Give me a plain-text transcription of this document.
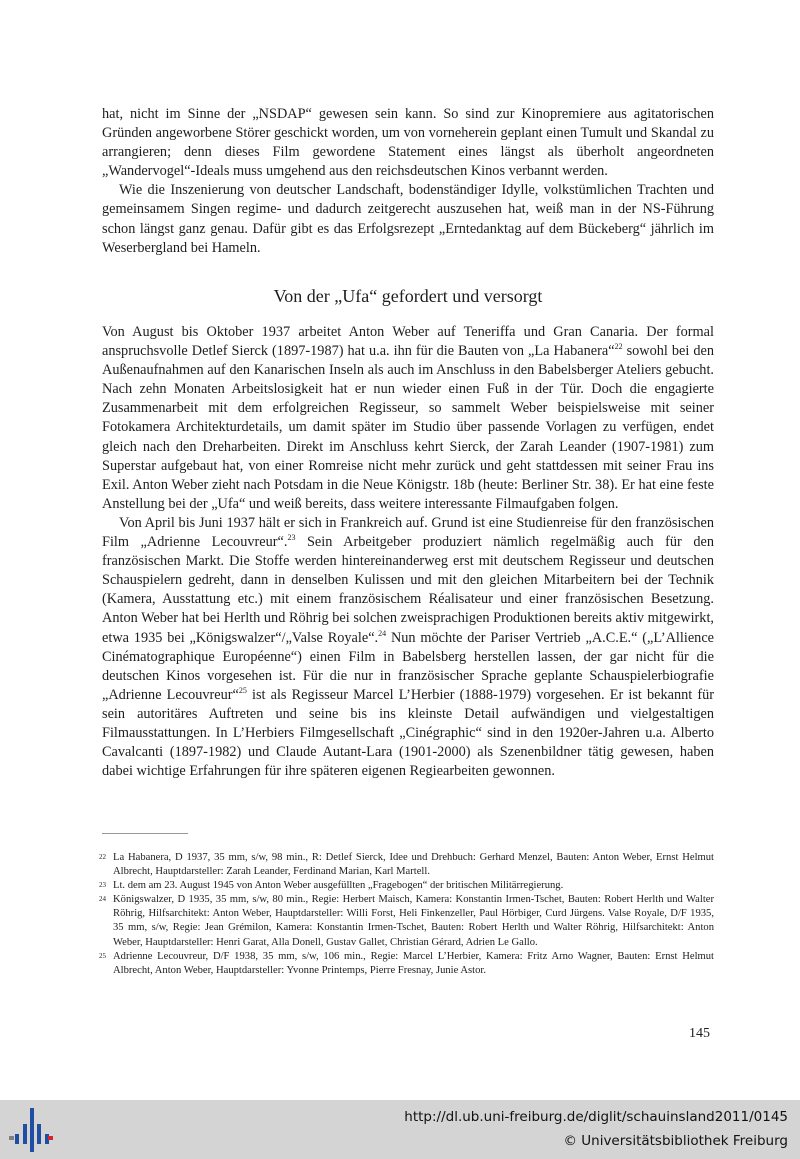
hat, nicht im Sinne der „NSDAP“ gewesen sein kann. So sind zur Kinopremiere aus agitatorischen Gründen angeworbene Störer geschickt worden, um von vorneherein geplant einen Tumult und Skandal zu arrangieren; denn dieses Film gewordene Statement eines längst als überholt angeordneten „Wandervogel“-Ideals muss umgehend aus den reichsdeutschen Kinos verbannt werden.

Wie die Inszenierung von deutscher Landschaft, bodenständiger Idylle, volkstümlichen Trachten und gemeinsamem Singen regime- und dadurch zeitgerecht auszusehen hat, weiß man in der NS-Führung schon längst ganz genau. Dafür gibt es das Erfolgsrezept „Erntedanktag auf dem Bückeberg“ jährlich im Weserbergland bei Hameln.

Von der „Ufa“ gefordert und versorgt

Von August bis Oktober 1937 arbeitet Anton Weber auf Teneriffa und Gran Canaria. Der formal anspruchsvolle Detlef Sierck (1897-1987) hat u.a. ihn für die Bauten von „La Habanera“$^{22}$ sowohl bei den Außenaufnahmen auf den Kanarischen Inseln als auch im Anschluss in den Babelsberger Ateliers gebucht. Nach zehn Monaten Arbeitslosigkeit hat er nun wieder einen Fuß in der Tür. Doch die engagierte Zusammenarbeit mit dem erfolgreichen Regisseur, so sammelt Weber beispielsweise mit seiner Fotokamera Architekturdetails, um damit später im Studio über passende Vorlagen zu verfügen, endet gleich nach den Dreharbeiten. Direkt im Anschluss kehrt Sierck, der Zarah Leander (1907-1981) zum Superstar aufgebaut hat, von einer Romreise nicht mehr zurück und geht stattdessen mit seiner Frau ins Exil. Anton Weber zieht nach Potsdam in die Neue Königstr. 18b (heute: Berliner Str. 38). Er hat eine feste Anstellung bei der „Ufa“ und weiß bereits, dass weitere interessante Filmaufgaben folgen.

Von April bis Juni 1937 hält er sich in Frankreich auf. Grund ist eine Studienreise für den französischen Film „Adrienne Lecouvreur“.$^{23}$ Sein Arbeitgeber produziert nämlich regelmäßig auch für den französischen Markt. Die Stoffe werden hintereinanderweg erst mit deutschem Regisseur und deutschen Schauspielern gedreht, dann in denselben Kulissen und mit den gleichen Mitarbeitern bei der Technik (Kamera, Ausstattung etc.) mit einem französischem Réalisateur und einer französischen Besetzung. Anton Weber hat bei Herlth und Röhrig bei solchen zweisprachigen Produktionen bereits aktiv mitgewirkt, etwa 1935 bei „Königswalzer“/„Valse Royale“.$^{24}$ Nun möchte der Pariser Vertrieb „A.C.E.“ („L’Allience Cinématographique Européenne“) einen Film in Babelsberg herstellen lassen, der gar nicht für die deutschen Kinos vorgesehen ist. Für die nur in französischer Sprache geplante Schauspielerbiografie „Adrienne Lecouvreur“$^{25}$ ist als Regisseur Marcel L’Herbier (1888-1979) vorgesehen. Er ist bekannt für sein autoritäres Auftreten und seine bis ins kleinste Detail aufwändigen und vielgestaltigen Filmausstattungen. In L’Herbiers Filmgesellschaft „Cinégraphic“ sind in den 1920er-Jahren u.a. Alberto Cavalcanti (1897-1982) und Claude Autant-Lara (1901-2000) als Szenenbildner tätig gewesen, haben dabei wichtige Erfahrungen für ihre späteren eigenen Regiearbeiten gewonnen.

22 La Habanera, D 1937, 35 mm, s/w, 98 min., R: Detlef Sierck, Idee und Drehbuch: Gerhard Menzel, Bauten: Anton Weber, Ernst Helmut Albrecht, Hauptdarsteller: Zarah Leander, Ferdinand Marian, Karl Martell.

23 Lt. dem am 23. August 1945 von Anton Weber ausgefüllten „Fragebogen“ der britischen Militärregierung.

24 Königswalzer, D 1935, 35 mm, s/w, 80 min., Regie: Herbert Maisch, Kamera: Konstantin Irmen-Tschet, Bauten: Robert Herlth und Walter Röhrig, Hilfsarchitekt: Anton Weber, Hauptdarsteller: Willi Forst, Heli Finkenzeller, Paul Hörbiger, Curd Jürgens. Valse Royale, D/F 1935, 35 mm, s/w, Regie: Jean Grémilon, Kamera: Konstantin Irmen-Tschet, Bauten: Robert Herlth und Walter Röhrig, Hilfsarchitekt: Anton Weber, Hauptdarsteller: Henri Garat, Alla Donell, Gustav Gallet, Christian Gérard, Adrien Le Gallo.

25 Adrienne Lecouvreur, D/F 1938, 35 mm, s/w, 106 min., Regie: Marcel L’Herbier, Kamera: Fritz Arno Wagner, Bauten: Ernst Helmut Albrecht, Anton Weber, Hauptdarsteller: Yvonne Printemps, Pierre Fresnay, Junie Astor.

145
http://dl.ub.uni-freiburg.de/diglit/schauinsland2011/0145
© Universitätsbibliothek Freiburg
